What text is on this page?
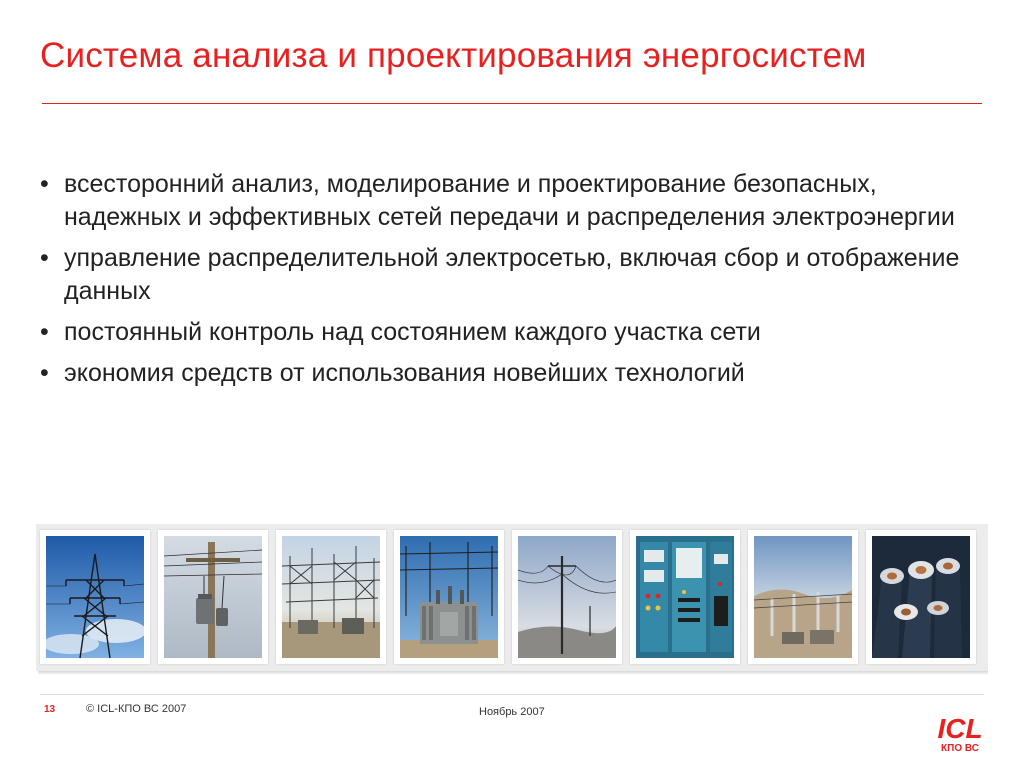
Система анализа и проектирования энергосистем
• всесторонний анализ, моделирование и проектирование безопасных, надежных и эффективных сетей передачи и распределения электроэнергии
• управление распределительной электросетью, включая сбор и отображение данных
• постоянный контроль над состоянием каждого участка сети
• экономия средств от использования новейших технологий
13	© ICL-КПО ВС 2007	Ноябрь 2007
ICL
КПО ВС
